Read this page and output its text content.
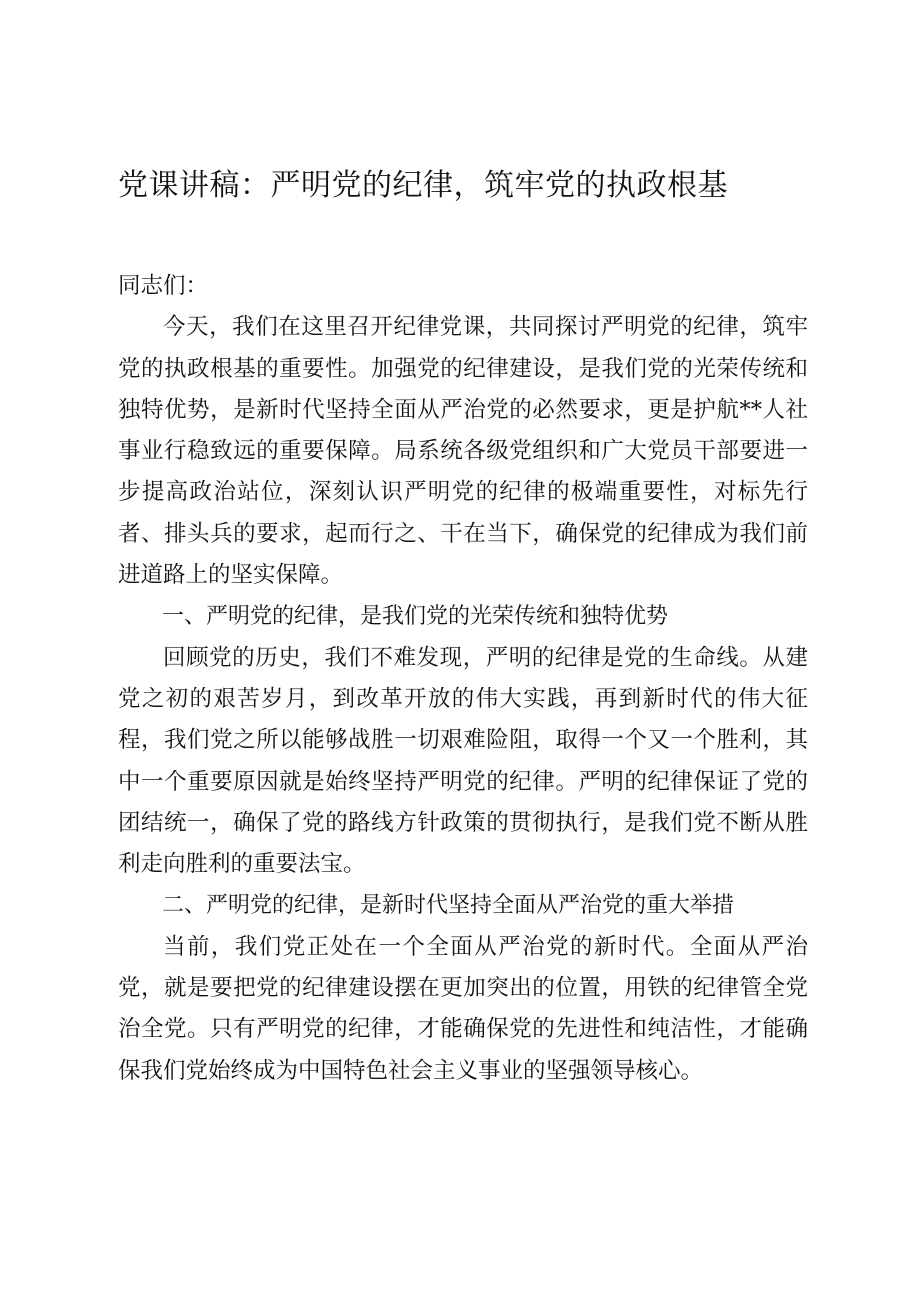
党课讲稿：严明党的纪律，筑牢党的执政根基

同志们：

今天，我们在这里召开纪律党课，共同探讨严明党的纪律，筑牢党的执政根基的重要性。加强党的纪律建设，是我们党的光荣传统和独特优势，是新时代坚持全面从严治党的必然要求，更是护航**人社事业行稳致远的重要保障。局系统各级党组织和广大党员干部要进一步提高政治站位，深刻认识严明党的纪律的极端重要性，对标先行者、排头兵的要求，起而行之、干在当下，确保党的纪律成为我们前进道路上的坚实保障。

一、严明党的纪律，是我们党的光荣传统和独特优势

回顾党的历史，我们不难发现，严明的纪律是党的生命线。从建党之初的艰苦岁月，到改革开放的伟大实践，再到新时代的伟大征程，我们党之所以能够战胜一切艰难险阻，取得一个又一个胜利，其中一个重要原因就是始终坚持严明党的纪律。严明的纪律保证了党的团结统一，确保了党的路线方针政策的贯彻执行，是我们党不断从胜利走向胜利的重要法宝。

二、严明党的纪律，是新时代坚持全面从严治党的重大举措

当前，我们党正处在一个全面从严治党的新时代。全面从严治党，就是要把党的纪律建设摆在更加突出的位置，用铁的纪律管全党治全党。只有严明党的纪律，才能确保党的先进性和纯洁性，才能确保我们党始终成为中国特色社会主义事业的坚强领导核心。
